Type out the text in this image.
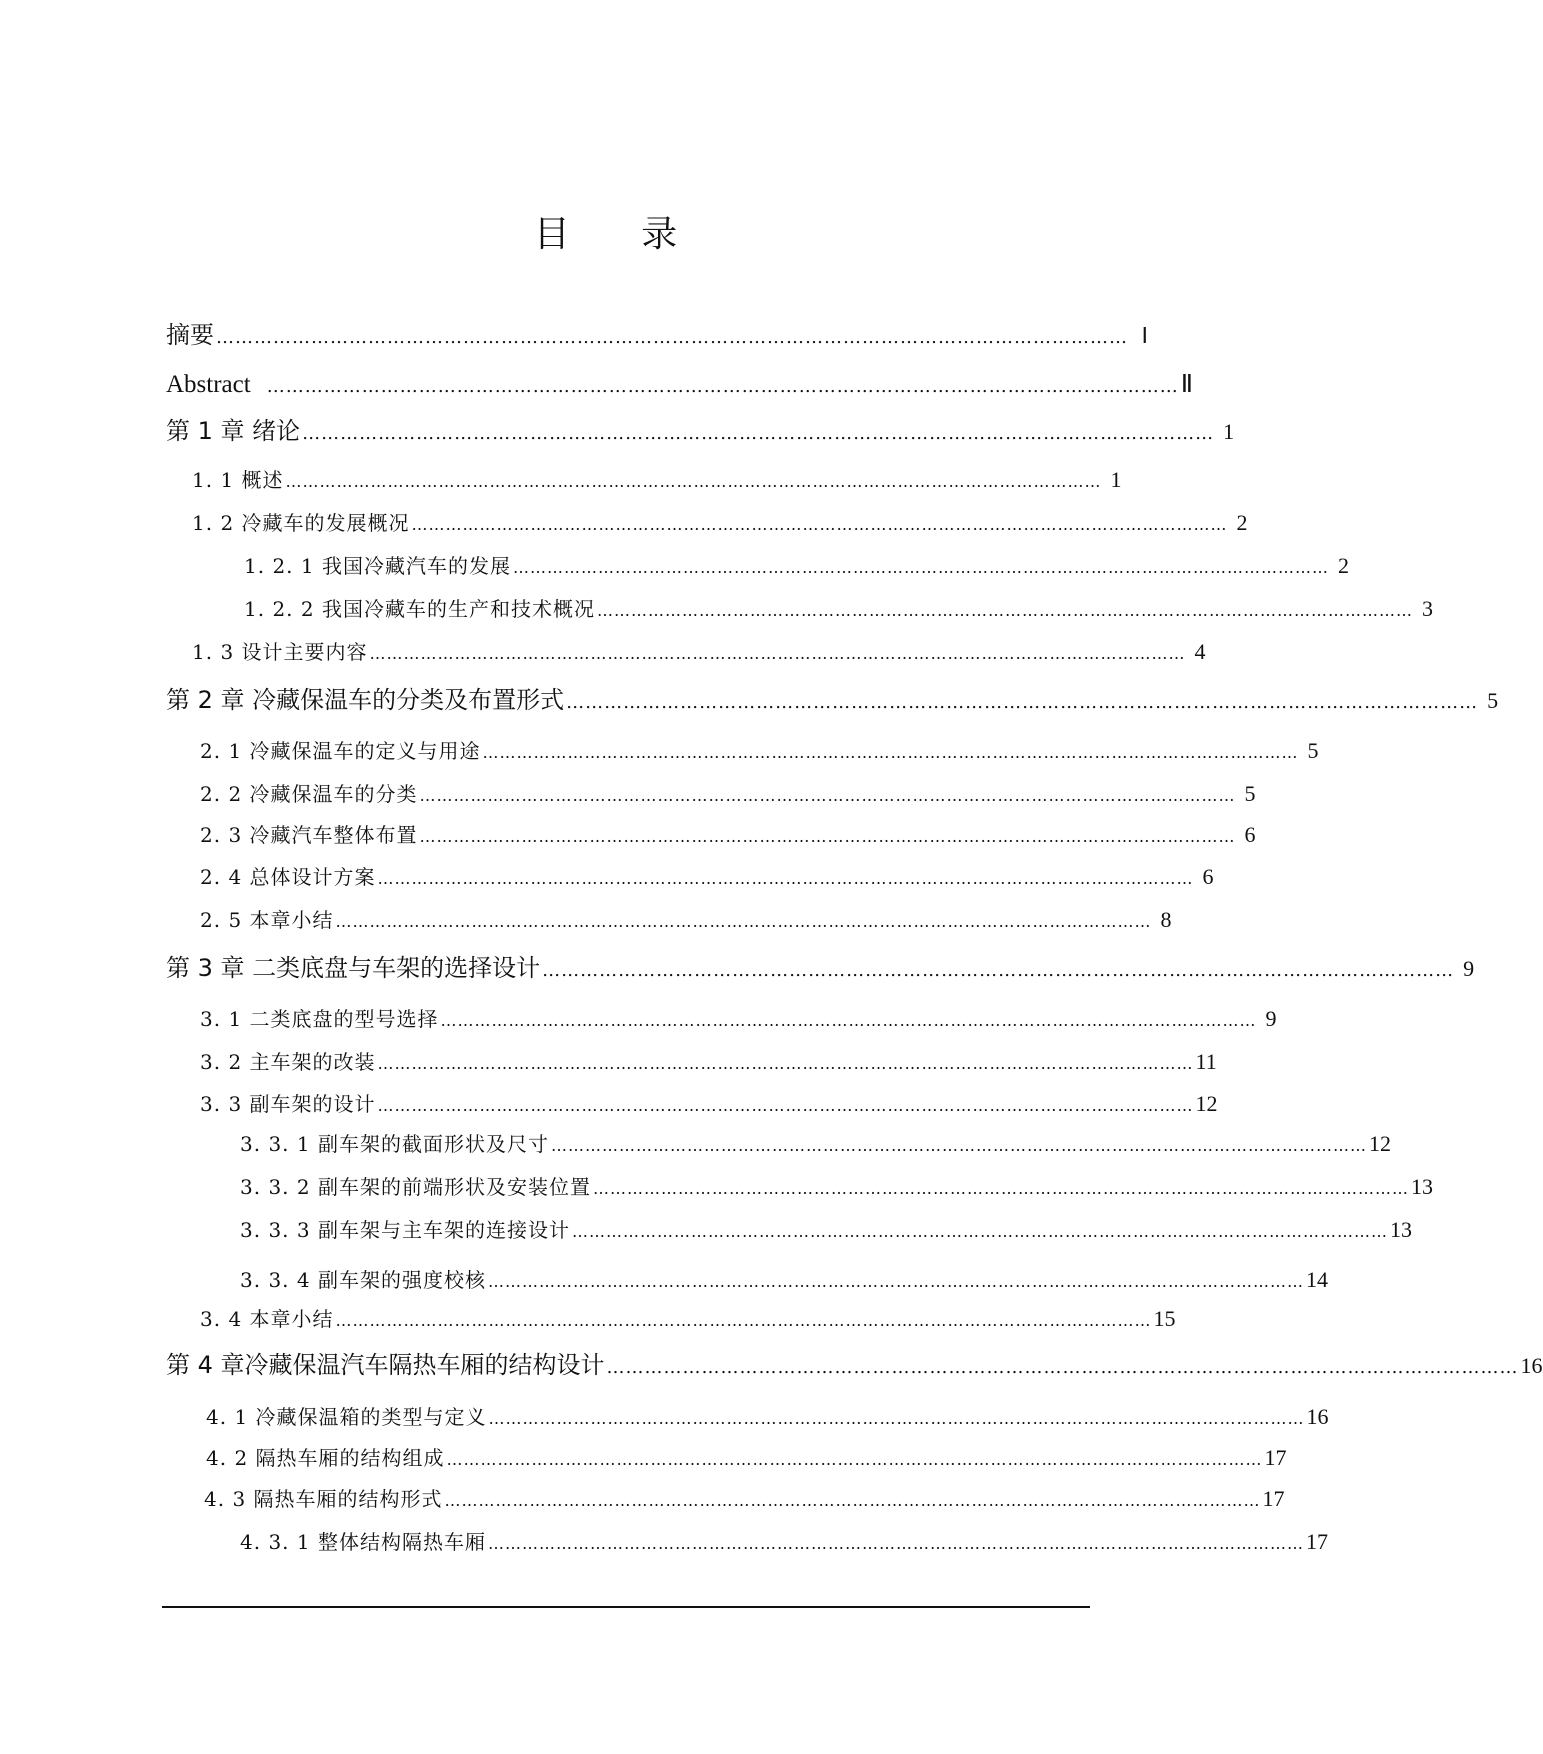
目 录
摘要 ……………………………………………………………………………………………………………………………… Ⅰ
Abstract ……………………………………………………………………………………………………………………………… Ⅱ
第 1 章 绪论 ……………………………………………………………………………………………………………………………… 1
1. 1 概述 ……………………………………………………………………………………………………………………………… 1
1. 2 冷藏车的发展概况 ……………………………………………………………………………………………………………………………… 2
1. 2. 1 我国冷藏汽车的发展 ……………………………………………………………………………………………………………………………… 2
1. 2. 2 我国冷藏车的生产和技术概况 ……………………………………………………………………………………………………………………………… 3
1. 3 设计主要内容 ……………………………………………………………………………………………………………………………… 4
第 2 章 冷藏保温车的分类及布置形式 ……………………………………………………………………………………………………………………………… 5
2. 1 冷藏保温车的定义与用途 ……………………………………………………………………………………………………………………………… 5
2. 2 冷藏保温车的分类 ……………………………………………………………………………………………………………………………… 5
2. 3 冷藏汽车整体布置 ……………………………………………………………………………………………………………………………… 6
2. 4 总体设计方案 ……………………………………………………………………………………………………………………………… 6
2. 5 本章小结 ……………………………………………………………………………………………………………………………… 8
第 3 章 二类底盘与车架的选择设计 ……………………………………………………………………………………………………………………………… 9
3. 1 二类底盘的型号选择 ……………………………………………………………………………………………………………………………… 9
3. 2 主车架的改装 ……………………………………………………………………………………………………………………………… 11
3. 3 副车架的设计 ……………………………………………………………………………………………………………………………… 12
3. 3. 1 副车架的截面形状及尺寸 ……………………………………………………………………………………………………………………………… 12
3. 3. 2 副车架的前端形状及安装位置 ……………………………………………………………………………………………………………………………… 13
3. 3. 3 副车架与主车架的连接设计 ……………………………………………………………………………………………………………………………… 13
3. 3. 4 副车架的强度校核 ……………………………………………………………………………………………………………………………… 14
3. 4 本章小结 ……………………………………………………………………………………………………………………………… 15
第 4 章冷藏保温汽车隔热车厢的结构设计 ……………………………………………………………………………………………………………………………… 16
4. 1 冷藏保温箱的类型与定义 ……………………………………………………………………………………………………………………………… 16
4. 2 隔热车厢的结构组成 ……………………………………………………………………………………………………………………………… 17
4. 3 隔热车厢的结构形式 ……………………………………………………………………………………………………………………………… 17
4. 3. 1 整体结构隔热车厢 ……………………………………………………………………………………………………………………………… 17
